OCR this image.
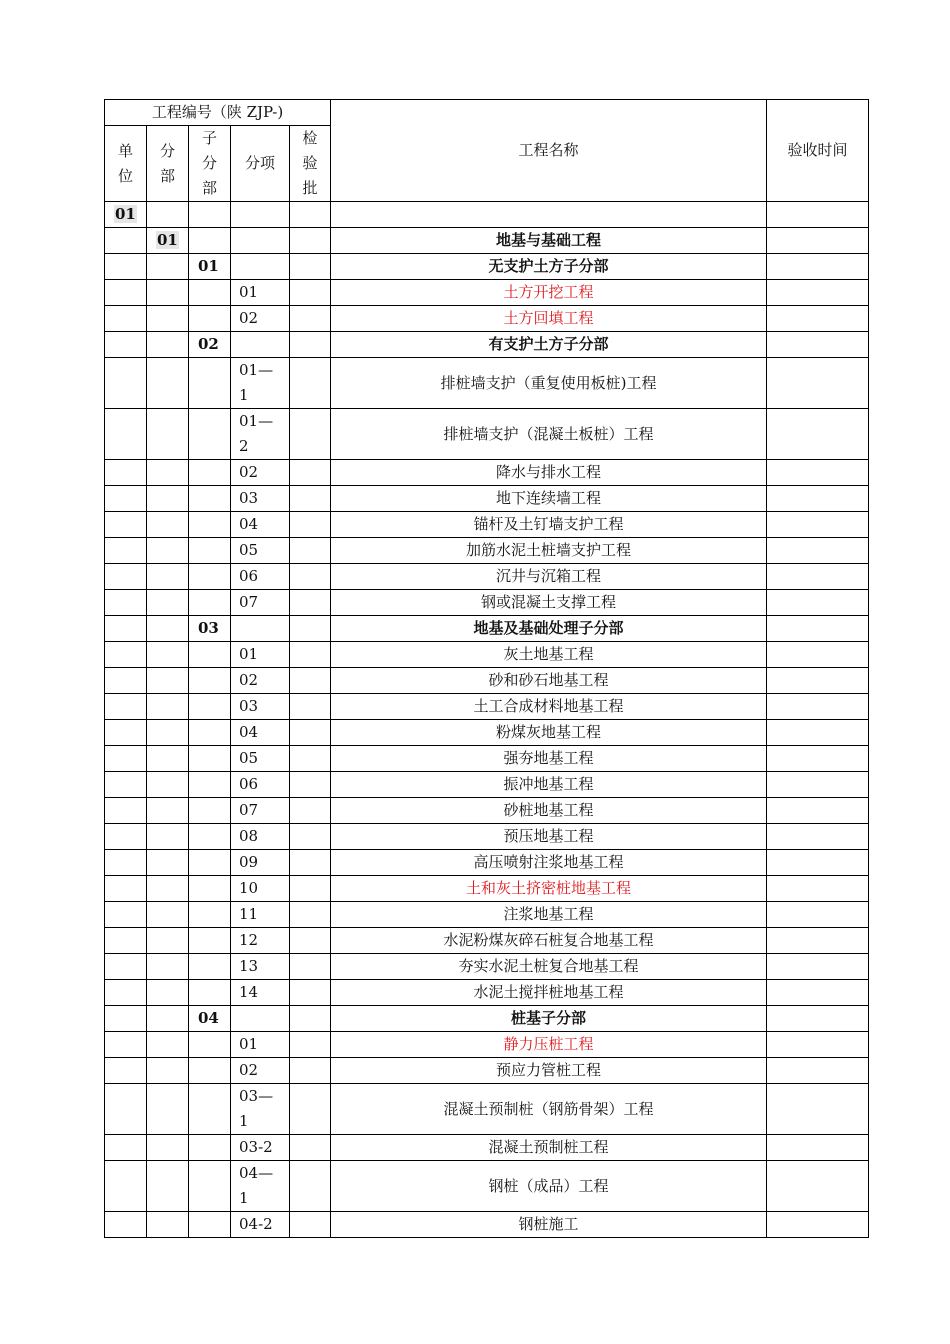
工程编号（陕 ZJP-)					工程名称	验收时间
单位	分部	子分部	分项	检验批		
01						
	01				地基与基础工程	
		01			无支护土方子分部	
			01		土方开挖工程	
			02		土方回填工程	
		02			有支护土方子分部	
			01—1		排桩墙支护（重复使用板桩)工程	
			01—2		排桩墙支护（混凝土板桩）工程	
			02		降水与排水工程	
			03		地下连续墙工程	
			04		锚杆及土钉墙支护工程	
			05		加筋水泥土桩墙支护工程	
			06		沉井与沉箱工程	
			07		钢或混凝土支撑工程	
		03			地基及基础处理子分部	
			01		灰土地基工程	
			02		砂和砂石地基工程	
			03		土工合成材料地基工程	
			04		粉煤灰地基工程	
			05		强夯地基工程	
			06		振冲地基工程	
			07		砂桩地基工程	
			08		预压地基工程	
			09		高压喷射注浆地基工程	
			10		土和灰土挤密桩地基工程	
			11		注浆地基工程	
			12		水泥粉煤灰碎石桩复合地基工程	
			13		夯实水泥土桩复合地基工程	
			14		水泥土搅拌桩地基工程	
		04			桩基子分部	
			01		静力压桩工程	
			02		预应力管桩工程	
			03—1		混凝土预制桩（钢筋骨架）工程	
			03-2		混凝土预制桩工程	
			04—1		钢桩（成品）工程	
			04-2		钢桩施工	
